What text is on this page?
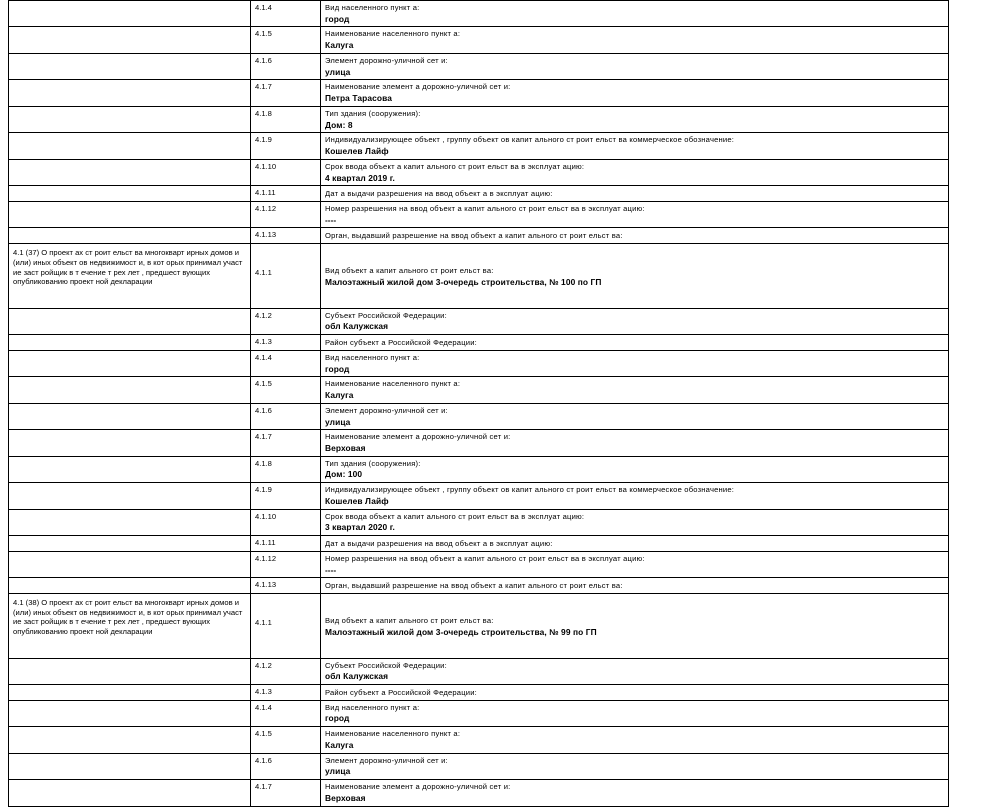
	4.1.4	Вид населенного пункт а:
город

	4.1.5	Наименование населенного пункт а:
Калуга

	4.1.6	Элемент дорожно-уличной сет и:
улица

	4.1.7	Наименование элемент а дорожно-уличной сет и:
Петра Тарасова

	4.1.8	Тип здания (сооружения):
Дом: 8

	4.1.9	Индивидуализирующее объект , группу объект ов капит ального ст роит ельст ва коммерческое обозначение:
Кошелев Лайф

	4.1.10	Срок ввода объект а капит ального ст роит ельст ва в эксплуат ацию:
4 квартал 2019 г.

	4.1.11	Дат а выдачи разрешения на ввод объект а в эксплуат ацию:

	4.1.12	Номер разрешения на ввод объект а капит ального ст роит ельст ва в эксплуат ацию:
----

	4.1.13	Орган, выдавший разрешение на ввод объект а капит ального ст роит ельст ва:

4.1 (37) О проект ах ст роит ельст ва многокварт ирных домов и (или) иных объект ов недвижимост и, в кот орых принимал участ ие заст ройщик в т ечение т рех лет , предшест вующих опубликованию проект ной декларации	4.1.1	Вид объект а капит ального ст роит ельст ва:
Малоэтажный жилой дом 3-очередь строительства, № 100 по ГП

	4.1.2	Субъект Российской Федерации:
обл Калужская

	4.1.3	Район субъект а Российской Федерации:

	4.1.4	Вид населенного пункт а:
город

	4.1.5	Наименование населенного пункт а:
Калуга

	4.1.6	Элемент дорожно-уличной сет и:
улица

	4.1.7	Наименование элемент а дорожно-уличной сет и:
Верховая

	4.1.8	Тип здания (сооружения):
Дом: 100

	4.1.9	Индивидуализирующее объект , группу объект ов капит ального ст роит ельст ва коммерческое обозначение:
Кошелев Лайф

	4.1.10	Срок ввода объект а капит ального ст роит ельст ва в эксплуат ацию:
3 квартал 2020 г.

	4.1.11	Дат а выдачи разрешения на ввод объект а в эксплуат ацию:

	4.1.12	Номер разрешения на ввод объект а капит ального ст роит ельст ва в эксплуат ацию:
----

	4.1.13	Орган, выдавший разрешение на ввод объект а капит ального ст роит ельст ва:

4.1 (38) О проект ах ст роит ельст ва многокварт ирных домов и (или) иных объект ов недвижимост и, в кот орых принимал участ ие заст ройщик в т ечение т рех лет , предшест вующих опубликованию проект ной декларации	4.1.1	Вид объект а капит ального ст роит ельст ва:
Малоэтажный жилой дом 3-очередь строительства, № 99 по ГП

	4.1.2	Субъект Российской Федерации:
обл Калужская

	4.1.3	Район субъект а Российской Федерации:

	4.1.4	Вид населенного пункт а:
город

	4.1.5	Наименование населенного пункт а:
Калуга

	4.1.6	Элемент дорожно-уличной сет и:
улица

	4.1.7	Наименование элемент а дорожно-уличной сет и:
Верховая
